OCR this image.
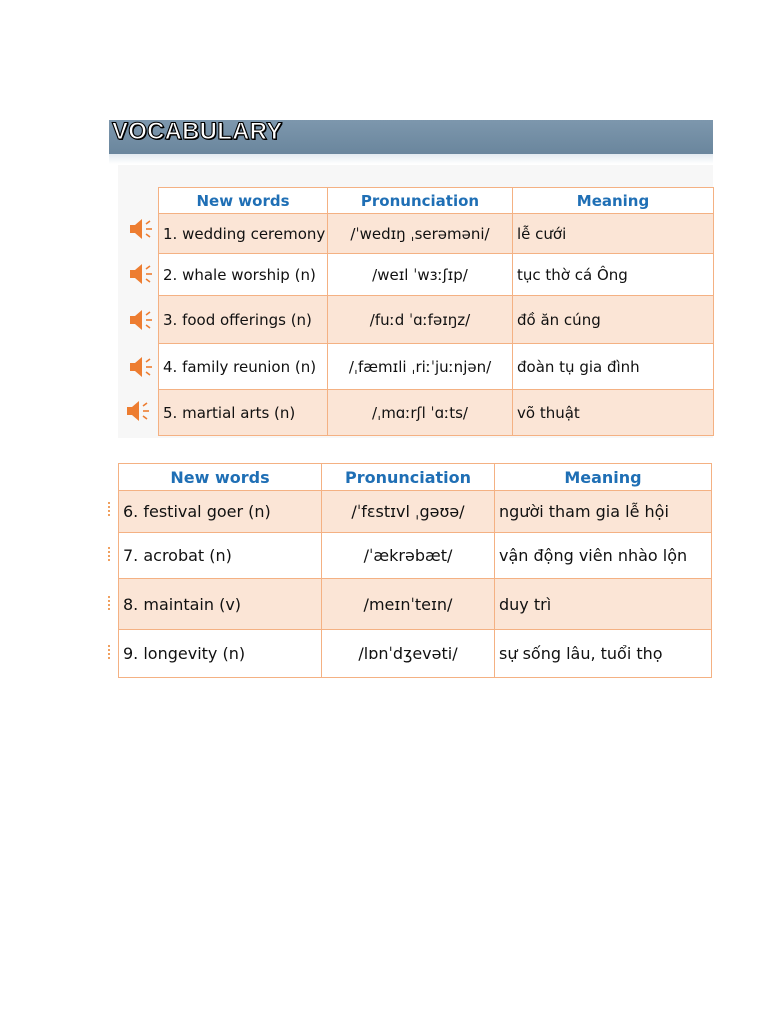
VOCABULARY
New words	Pronunciation	Meaning
1. wedding ceremony	/ˈwedɪŋ ˌserəməni/	lễ cưới
2. whale worship (n)	/weɪl ˈwɜːʃɪp/	tục thờ cá Ông
3. food offerings (n)	/fuːd ˈɑːfəɪŋz/	đồ ăn cúng
4. family reunion (n)	/ˌfæmɪli ˌriːˈjuːnjən/	đoàn tụ gia đình
5. martial arts (n)	/ˌmɑːrʃl ˈɑːts/	võ thuật
New words	Pronunciation	Meaning
6. festival goer (n)	/ˈfɛstɪvl ˌgəʊə/	người tham gia lễ hội
7. acrobat (n)	/ˈækrəbæt/	vận động viên nhào lộn
8. maintain (v)	/meɪnˈteɪn/	duy trì
9. longevity (n)	/lɒnˈdʒevəti/	sự sống lâu, tuổi thọ
